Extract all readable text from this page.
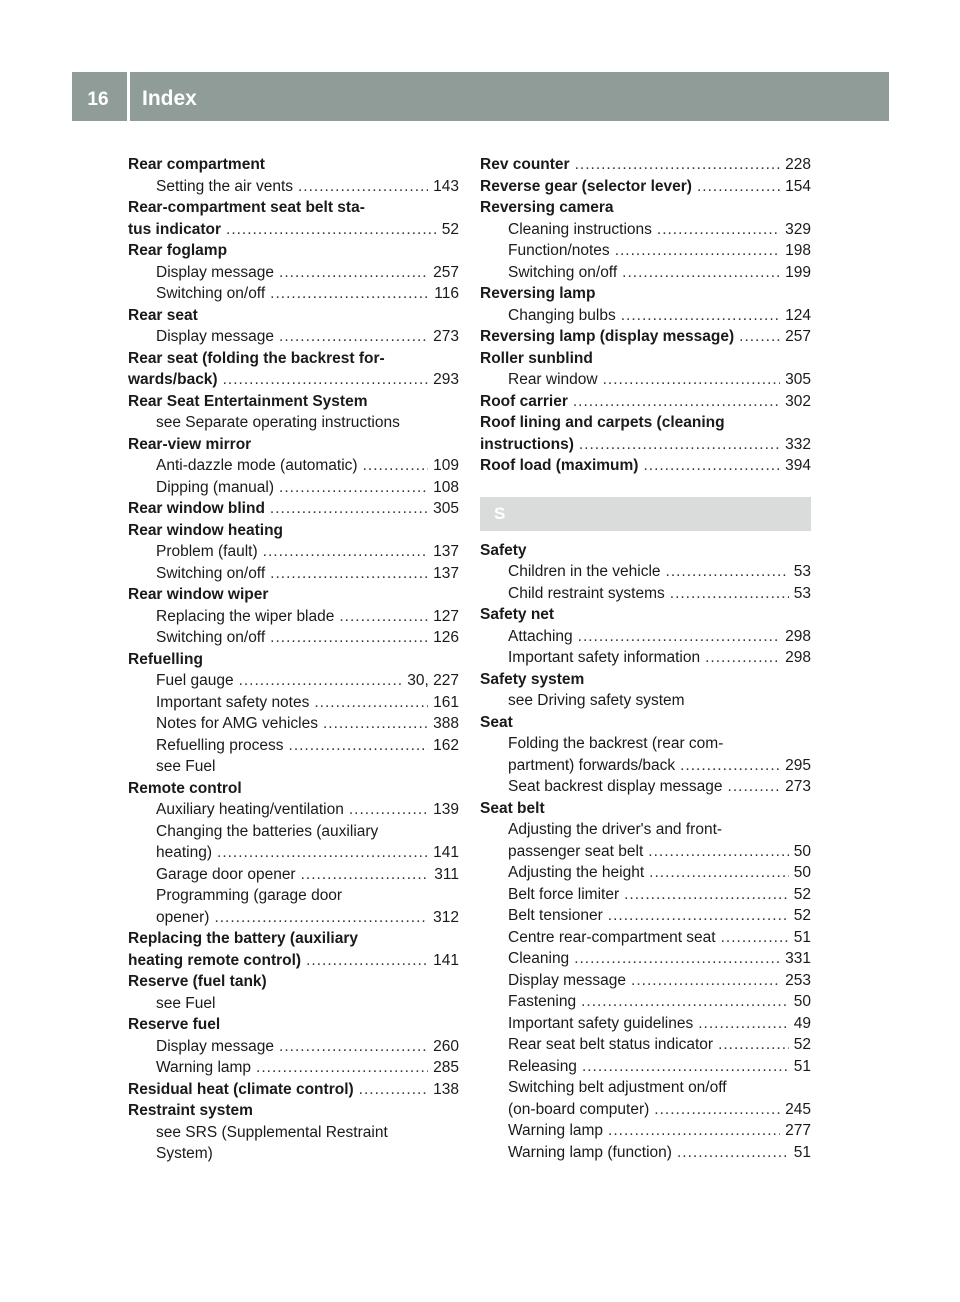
16	Index
Rear compartment
Setting the air vents .....	143
Rear-compartment seat belt sta-
tus indicator .....	52
Rear foglamp
Display message .....	257
Switching on/off .....	116
Rear seat
Display message .....	273
Rear seat (folding the backrest for-
wards/back) .....	293
Rear Seat Entertainment System
see Separate operating instructions
Rear-view mirror
Anti-dazzle mode (automatic) .....	109
Dipping (manual) .....	108
Rear window blind .....	305
Rear window heating
Problem (fault) .....	137
Switching on/off .....	137
Rear window wiper
Replacing the wiper blade .....	127
Switching on/off .....	126
Refuelling
Fuel gauge .....	30, 227
Important safety notes .....	161
Notes for AMG vehicles .....	388
Refuelling process .....	162
see Fuel
Remote control
Auxiliary heating/ventilation .....	139
Changing the batteries (auxiliary
heating) .....	141
Garage door opener .....	311
Programming (garage door
opener) .....	312
Replacing the battery (auxiliary
heating remote control) .....	141
Reserve (fuel tank)
see Fuel
Reserve fuel
Display message .....	260
Warning lamp .....	285
Residual heat (climate control) .....	138
Restraint system
see SRS (Supplemental Restraint
System)
Rev counter .....	228
Reverse gear (selector lever) .....	154
Reversing camera
Cleaning instructions .....	329
Function/notes .....	198
Switching on/off .....	199
Reversing lamp
Changing bulbs .....	124
Reversing lamp (display message) .....	257
Roller sunblind
Rear window .....	305
Roof carrier .....	302
Roof lining and carpets (cleaning
instructions) .....	332
Roof load (maximum) .....	394
S
Safety
Children in the vehicle .....	53
Child restraint systems .....	53
Safety net
Attaching .....	298
Important safety information .....	298
Safety system
see Driving safety system
Seat
Folding the backrest (rear com-
partment) forwards/back .....	295
Seat backrest display message .....	273
Seat belt
Adjusting the driver's and front-
passenger seat belt .....	50
Adjusting the height .....	50
Belt force limiter .....	52
Belt tensioner .....	52
Centre rear-compartment seat .....	51
Cleaning .....	331
Display message .....	253
Fastening .....	50
Important safety guidelines .....	49
Rear seat belt status indicator .....	52
Releasing .....	51
Switching belt adjustment on/off
(on-board computer) .....	245
Warning lamp .....	277
Warning lamp (function) .....	51
